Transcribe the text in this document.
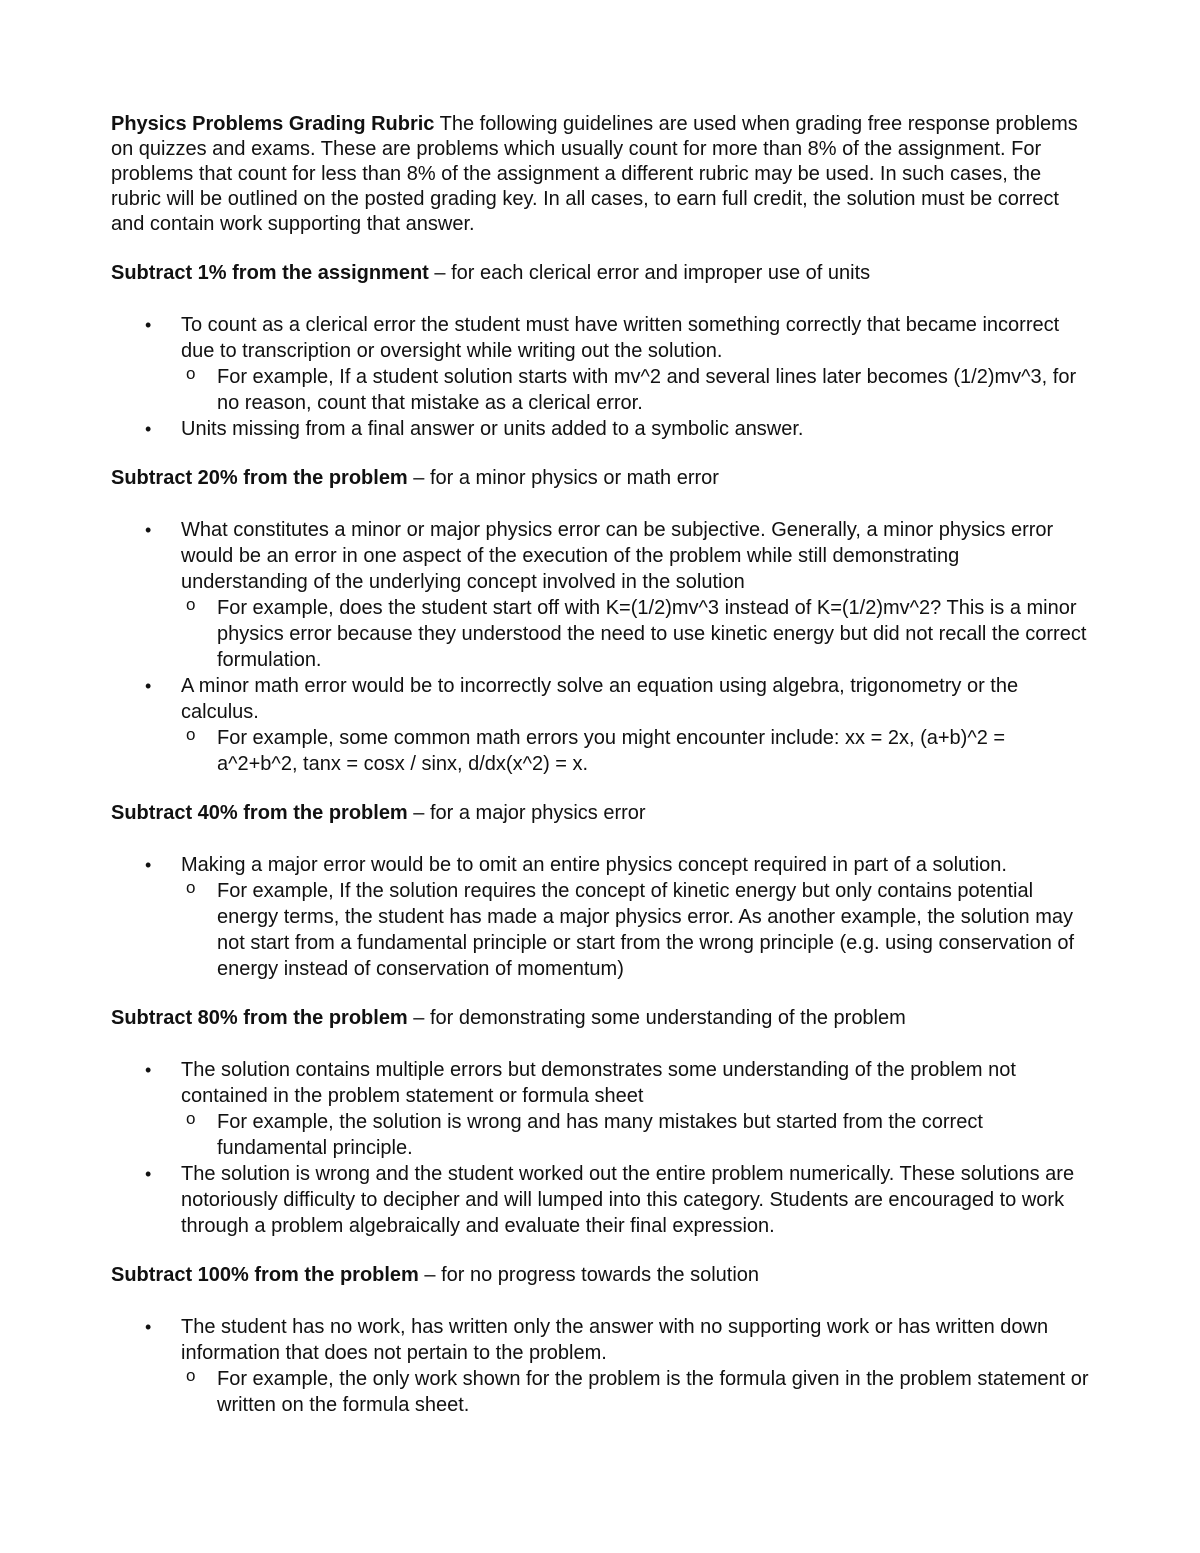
Physics Problems Grading Rubric The following guidelines are used when grading free response problems on quizzes and exams. These are problems which usually count for more than 8% of the assignment. For problems that count for less than 8% of the assignment a different rubric may be used. In such cases, the rubric will be outlined on the posted grading key. In all cases, to earn full credit, the solution must be correct and contain work supporting that answer.

Subtract 1% from the assignment – for each clerical error and improper use of units

• To count as a clerical error the student must have written something correctly that became incorrect due to transcription or oversight while writing out the solution.
o For example, If a student solution starts with mv^2 and several lines later becomes (1/2)mv^3, for no reason, count that mistake as a clerical error.
• Units missing from a final answer or units added to a symbolic answer.

Subtract 20% from the problem – for a minor physics or math error

• What constitutes a minor or major physics error can be subjective. Generally, a minor physics error would be an error in one aspect of the execution of the problem while still demonstrating understanding of the underlying concept involved in the solution
o For example, does the student start off with K=(1/2)mv^3 instead of K=(1/2)mv^2? This is a minor physics error because they understood the need to use kinetic energy but did not recall the correct formulation.
• A minor math error would be to incorrectly solve an equation using algebra, trigonometry or the calculus.
o For example, some common math errors you might encounter include: xx = 2x, (a+b)^2 = a^2+b^2, tanx = cosx / sinx, d/dx(x^2) = x.

Subtract 40% from the problem – for a major physics error

• Making a major error would be to omit an entire physics concept required in part of a solution.
o For example, If the solution requires the concept of kinetic energy but only contains potential energy terms, the student has made a major physics error. As another example, the solution may not start from a fundamental principle or start from the wrong principle (e.g. using conservation of energy instead of conservation of momentum)

Subtract 80% from the problem – for demonstrating some understanding of the problem

• The solution contains multiple errors but demonstrates some understanding of the problem not contained in the problem statement or formula sheet
o For example, the solution is wrong and has many mistakes but started from the correct fundamental principle.
• The solution is wrong and the student worked out the entire problem numerically. These solutions are notoriously difficulty to decipher and will lumped into this category. Students are encouraged to work through a problem algebraically and evaluate their final expression.

Subtract 100% from the problem – for no progress towards the solution

• The student has no work, has written only the answer with no supporting work or has written down information that does not pertain to the problem.
o For example, the only work shown for the problem is the formula given in the problem statement or written on the formula sheet.
